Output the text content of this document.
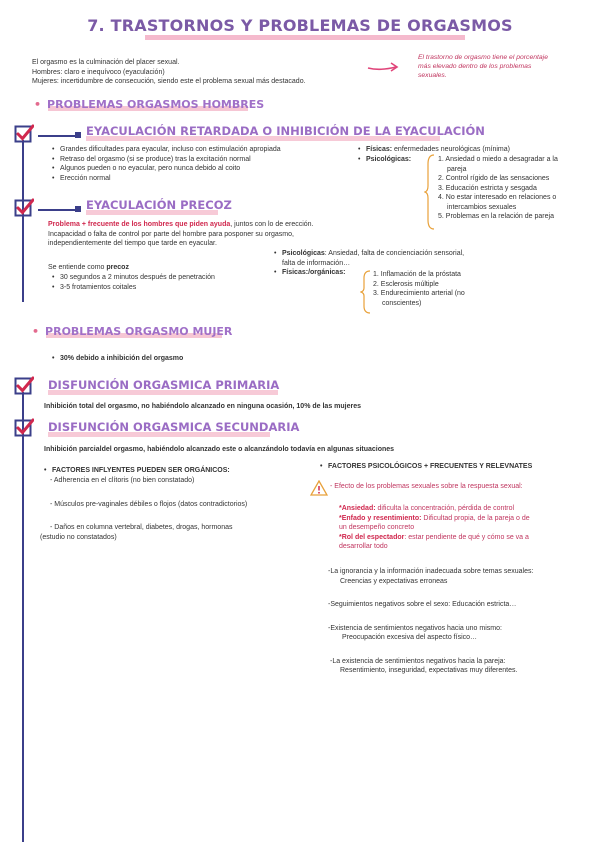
7. TRASTORNOS Y PROBLEMAS DE ORGASMOS
El orgasmo es la culminación del placer sexual.
Hombres: claro e inequívoco (eyaculación)
Mujeres: incertidumbre de consecución, siendo este el problema sexual más destacado.
El trastorno de orgasmo tiene el porcentaje
más elevado dentro de los problemas
sexuales.
• PROBLEMAS ORGASMOS HOMBRES
EYACULACIÓN RETARDADA O INHIBICIÓN DE LA EYACULACIÓN
• Grandes dificultades para eyacular, incluso con estimulación apropiada
• Retraso del orgasmo (si se produce) tras la excitación normal
• Algunos pueden o no eyacular, pero nunca debido al coito
• Erección normal
• Físicas: enfermedades neurológicas (mínima)
• Psicológicas:	1. Ansiedad o miedo a desagradar a la
pareja
2. Control rígido de las sensaciones
3. Educación estricta y sesgada
4. No estar interesado en relaciones o
intercambios sexuales
5. Problemas en la relación de pareja
EYACULACIÓN PRECOZ
Problema + frecuente de los hombres que piden ayuda, juntos con lo de erección.
Incapacidad o falta de control por parte del hombre para posponer su orgasmo,
independientemente del tiempo que tarde en eyacular.
Se entiende como precoz
• 30 segundos a 2 minutos después de penetración
• 3-5 frotamientos coitales
• Psicológicas: Ansiedad, falta de concienciación sensorial,
falta de información…
• Físicas:/orgánicas:	1. Inflamación de la próstata
2. Esclerosis múltiple
3. Endurecimiento arterial (no
conscientes)
• PROBLEMAS ORGASMO MUJER
• 30% debido a inhibición del orgasmo
DISFUNCIÓN ORGASMICA PRIMARIA
Inhibición total del orgasmo, no habiéndolo alcanzado en ninguna ocasión, 10% de las mujeres
DISFUNCIÓN ORGASMICA SECUNDARIA
Inhibición parcialdel orgasmo, habiéndolo alcanzado este o alcanzándolo todavía en algunas situaciones
• FACTORES INFLYENTES PUEDEN SER ORGÁNICOS:
- Adherencia en el clítoris (no bien constatado)
- Músculos pre-vaginales débiles o flojos (datos contradictorios)
- Daños en columna vertebral, diabetes, drogas, hormonas
(estudio no constatados)
• FACTORES PSICOLÓGICOS + FRECUENTES Y RELEVNATES
- Efecto de los problemas sexuales sobre la respuesta sexual:
*Ansiedad: dificulta la concentración, pérdida de control
*Enfado y resentimiento: Dificultad propia, de la pareja o de
un desempeño concreto
*Rol del espectador: estar pendiente de qué y cómo se va a
desarrollar todo
-La ignorancia y la información inadecuada sobre temas sexuales:
Creencias y expectativas erroneas
-Seguimientos negativos sobre el sexo: Educación estricta…
-Existencia de sentimientos negativos hacia uno mismo:
Preocupación excesiva del aspecto físico…
-La existencia de sentimientos negativos hacia la pareja:
Resentimiento, inseguridad, expectativas muy diferentes.
